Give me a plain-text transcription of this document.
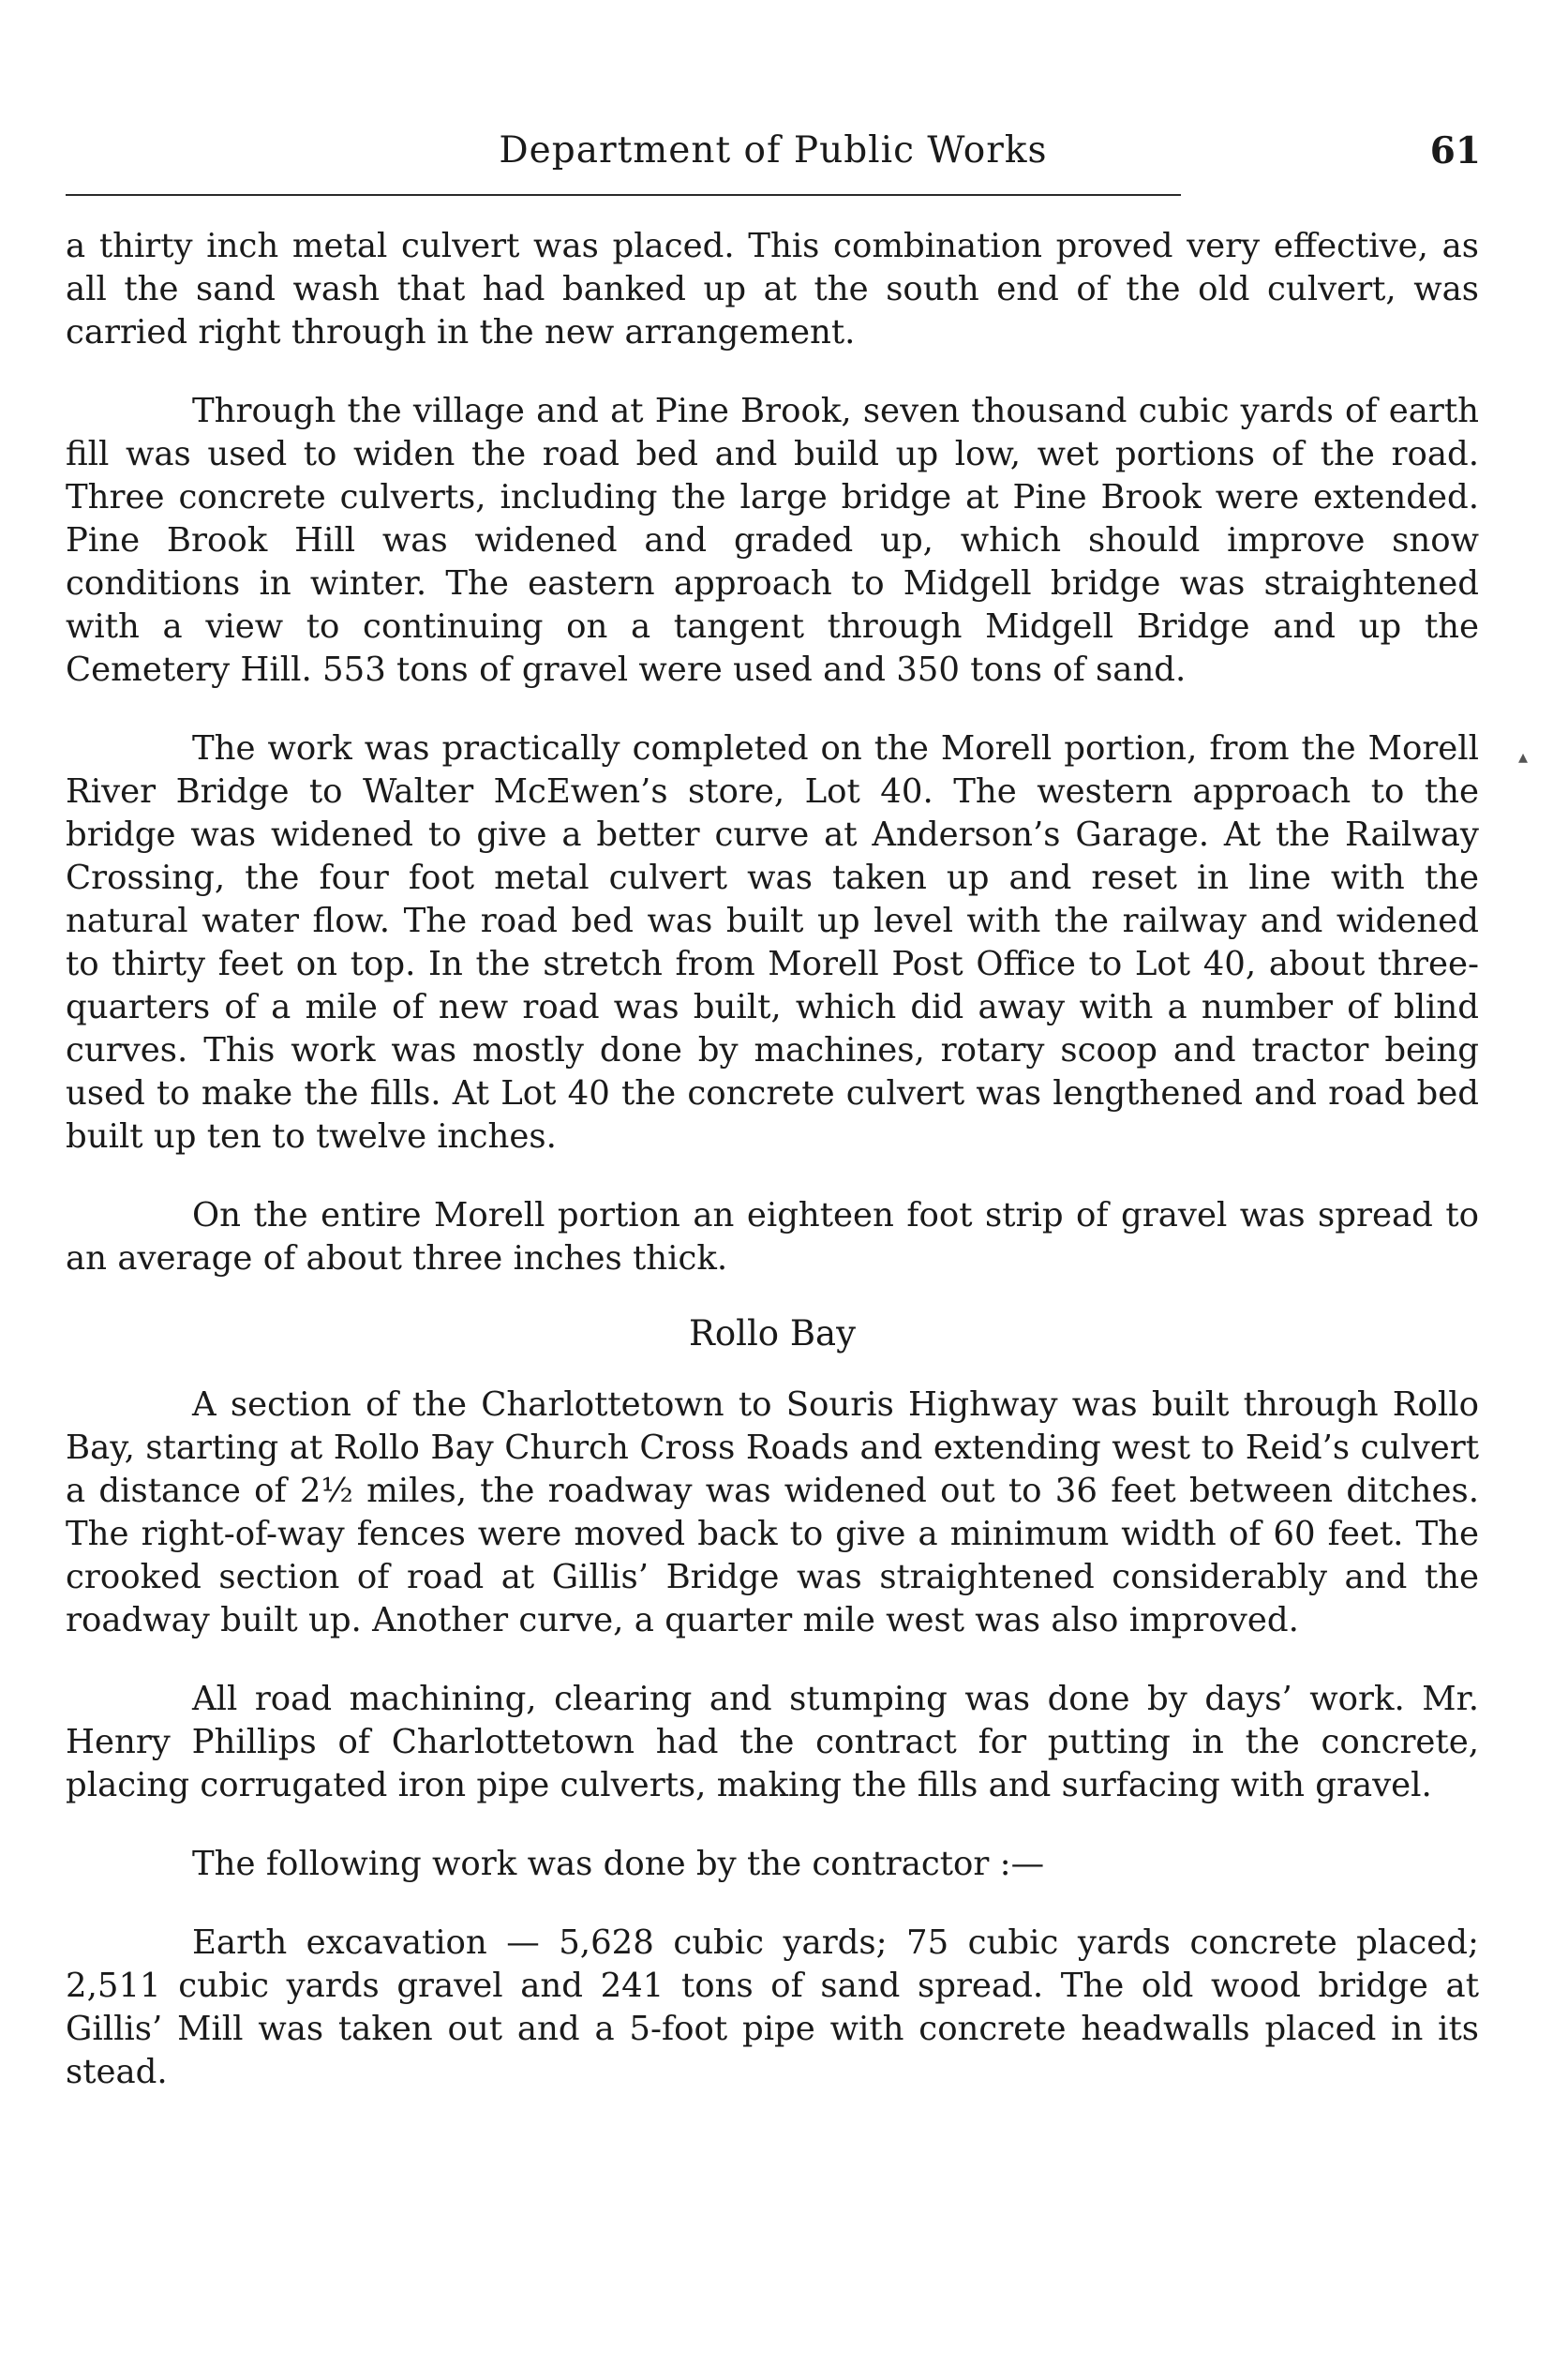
Department of Public Works	61
▴

a thirty inch metal culvert was placed. This combination proved very effective, as all the sand wash that had banked up at the south end of the old culvert, was carried right through in the new arrangement.

Through the village and at Pine Brook, seven thousand cubic yards of earth fill was used to widen the road bed and build up low, wet portions of the road. Three concrete culverts, including the large bridge at Pine Brook were extended. Pine Brook Hill was widened and graded up, which should improve snow conditions in winter. The eastern approach to Midgell bridge was straightened with a view to continuing on a tangent through Midgell Bridge and up the Cemetery Hill. 553 tons of gravel were used and 350 tons of sand.

The work was practically completed on the Morell portion, from the Morell River Bridge to Walter McEwen’s store, Lot 40. The western approach to the bridge was widened to give a better curve at Anderson’s Garage. At the Railway Crossing, the four foot metal culvert was taken up and reset in line with the natural water flow. The road bed was built up level with the railway and widened to thirty feet on top. In the stretch from Morell Post Office to Lot 40, about three-quarters of a mile of new road was built, which did away with a number of blind curves. This work was mostly done by machines, rotary scoop and tractor being used to make the fills. At Lot 40 the concrete culvert was lengthened and road bed built up ten to twelve inches.

On the entire Morell portion an eighteen foot strip of gravel was spread to an average of about three inches thick.

Rollo Bay

A section of the Charlottetown to Souris Highway was built through Rollo Bay, starting at Rollo Bay Church Cross Roads and extending west to Reid’s culvert a distance of 2½ miles, the roadway was widened out to 36 feet between ditches. The right-of-way fences were moved back to give a minimum width of 60 feet. The crooked section of road at Gillis’ Bridge was straightened considerably and the roadway built up. Another curve, a quarter mile west was also improved.

All road machining, clearing and stumping was done by days’ work. Mr. Henry Phillips of Charlottetown had the contract for putting in the concrete, placing corrugated iron pipe culverts, making the fills and surfacing with gravel.

The following work was done by the contractor :—

Earth excavation — 5,628 cubic yards; 75 cubic yards concrete placed; 2,511 cubic yards gravel and 241 tons of sand spread. The old wood bridge at Gillis’ Mill was taken out and a 5-foot pipe with concrete headwalls placed in its stead.
